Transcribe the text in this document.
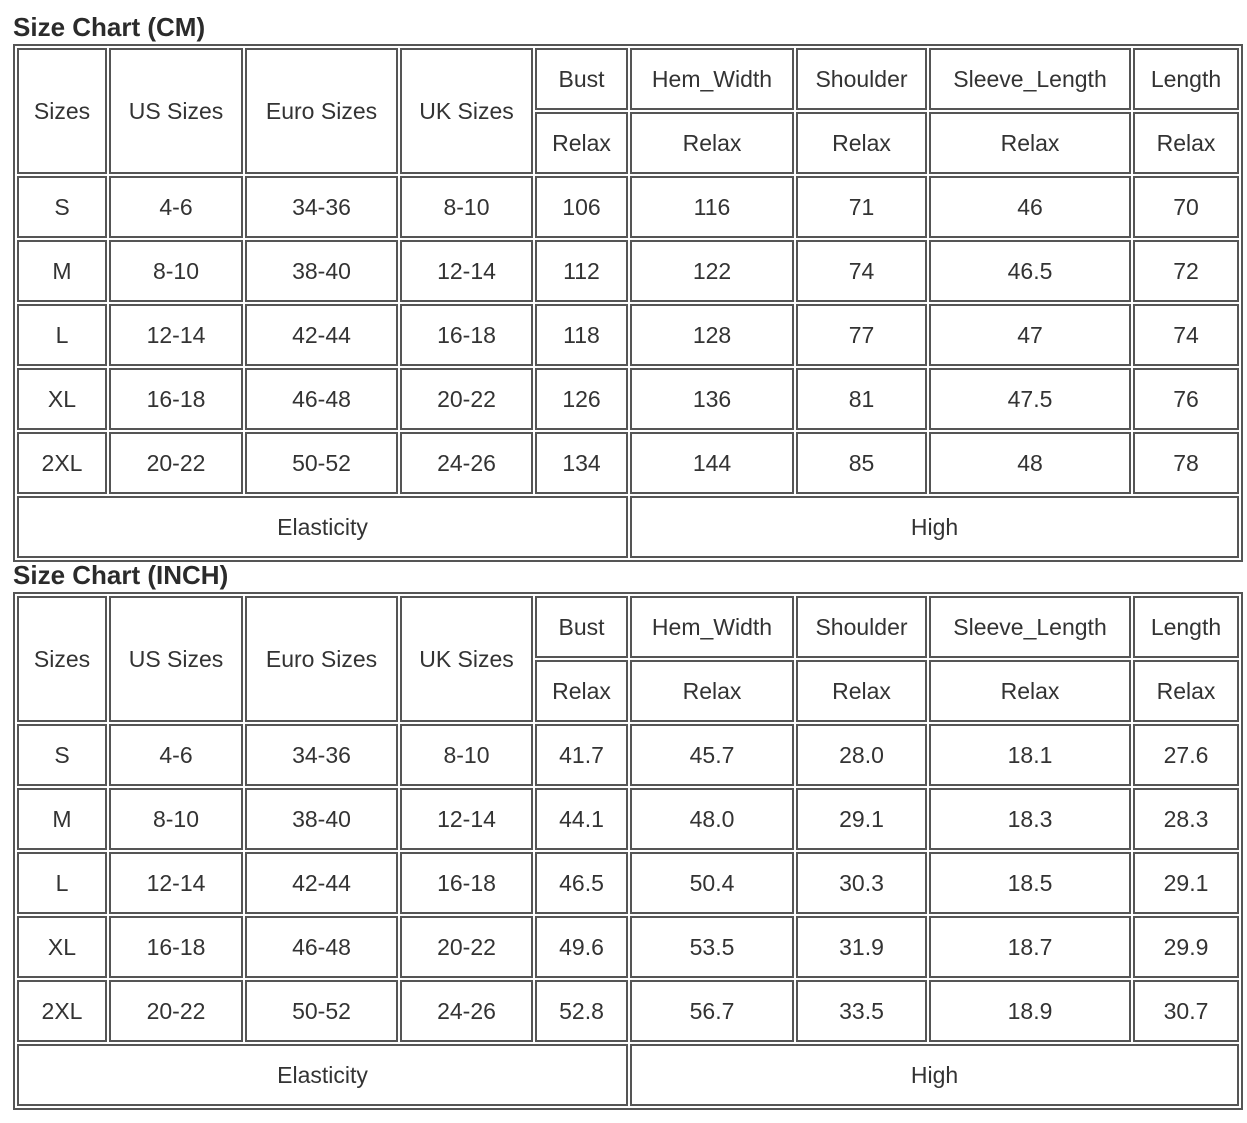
Size Chart (CM)
Sizes	US Sizes	Euro Sizes	UK Sizes	Bust	Hem_Width	Shoulder	Sleeve_Length	Length
				Relax	Relax	Relax	Relax	Relax
S	4-6	34-36	8-10	106	116	71	46	70
M	8-10	38-40	12-14	112	122	74	46.5	72
L	12-14	42-44	16-18	118	128	77	47	74
XL	16-18	46-48	20-22	126	136	81	47.5	76
2XL	20-22	50-52	24-26	134	144	85	48	78
Elasticity					High			
Size Chart (INCH)
Sizes	US Sizes	Euro Sizes	UK Sizes	Bust	Hem_Width	Shoulder	Sleeve_Length	Length
				Relax	Relax	Relax	Relax	Relax
S	4-6	34-36	8-10	41.7	45.7	28.0	18.1	27.6
M	8-10	38-40	12-14	44.1	48.0	29.1	18.3	28.3
L	12-14	42-44	16-18	46.5	50.4	30.3	18.5	29.1
XL	16-18	46-48	20-22	49.6	53.5	31.9	18.7	29.9
2XL	20-22	50-52	24-26	52.8	56.7	33.5	18.9	30.7
Elasticity					High			
